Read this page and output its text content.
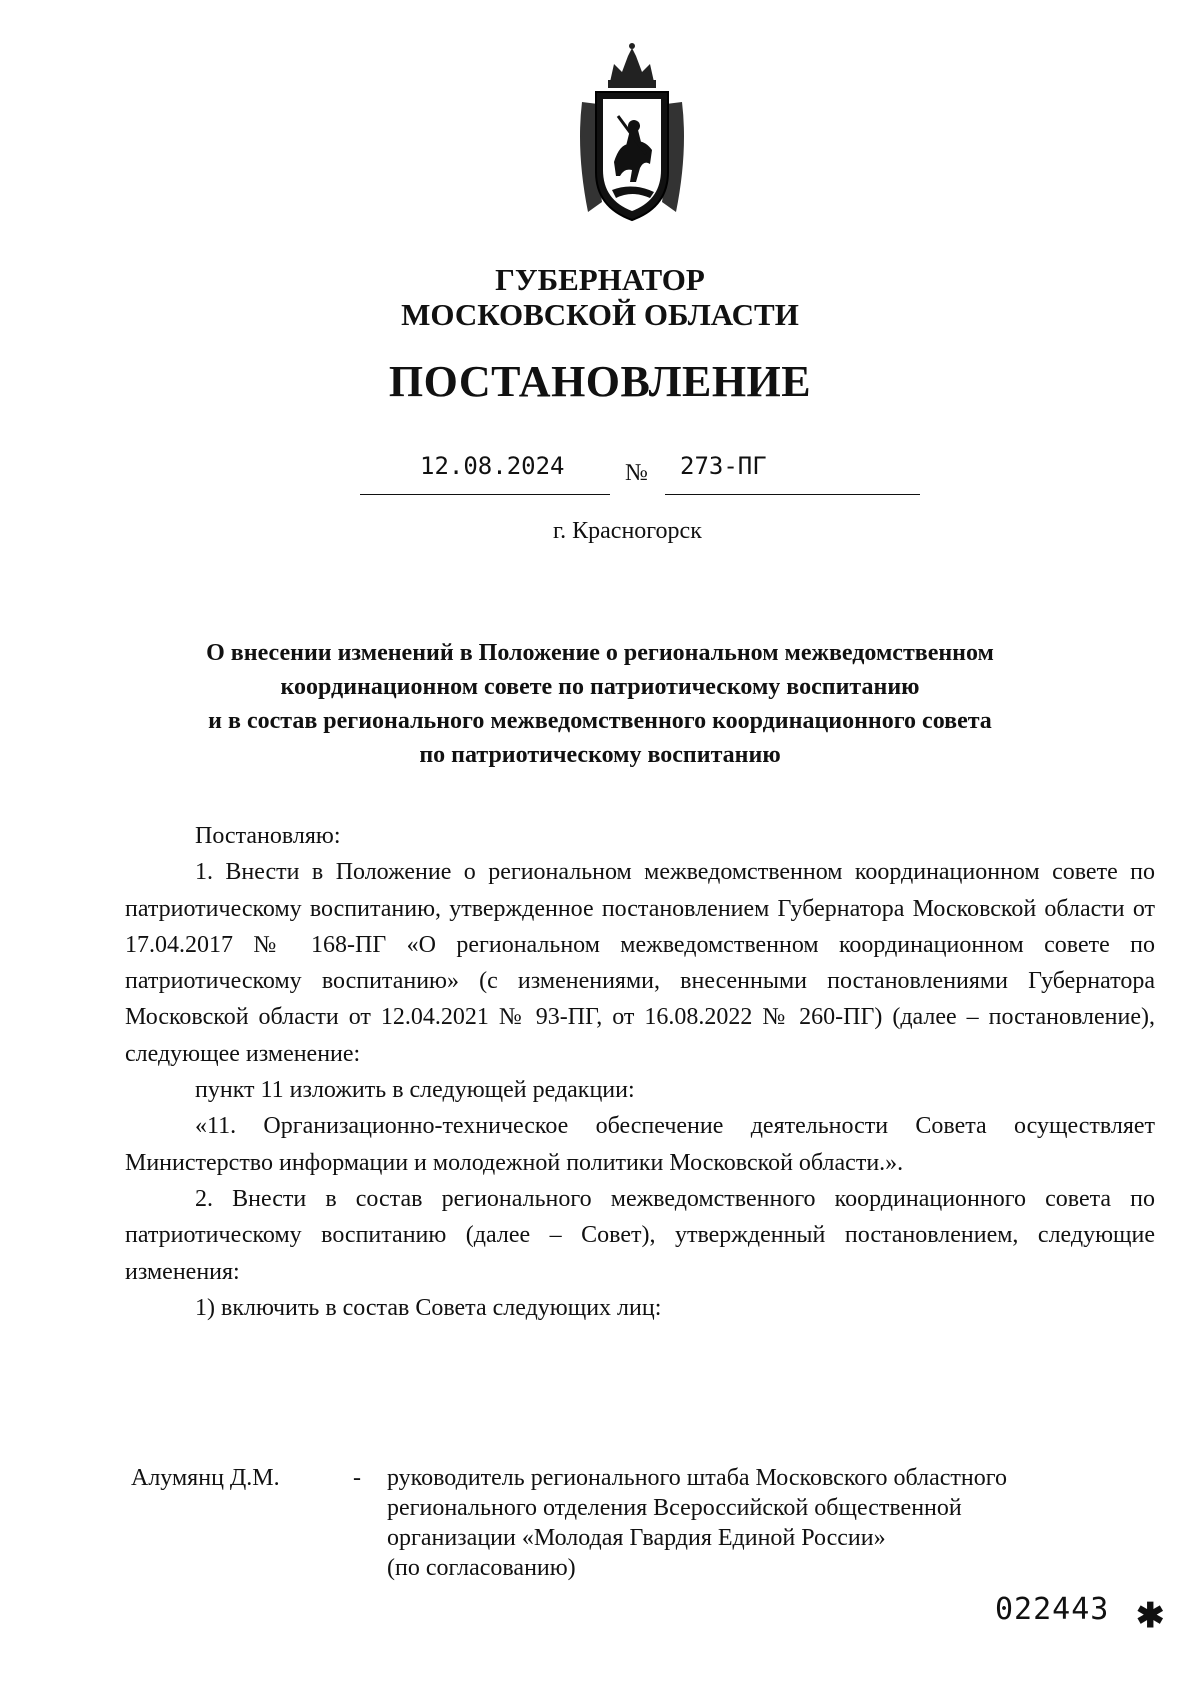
ГУБЕРНАТОР
МОСКОВСКОЙ ОБЛАСТИ
ПОСТАНОВЛЕНИЕ
12.08.2024	№ 273-ПГ
г. Красногорск
О внесении изменений в Положение о региональном межведомственном
координационном совете по патриотическому воспитанию
и в состав регионального межведомственного координационного совета
по патриотическому воспитанию

Постановляю:

1. Внести в Положение о региональном межведомственном координационном совете по патриотическому воспитанию, утвержденное постановлением Губернатора Московской области от 17.04.2017 № 168-ПГ «О региональном межведомственном координационном совете по патриотическому воспитанию» (с изменениями, внесенными постановлениями Губернатора Московской области от 12.04.2021 № 93-ПГ, от 16.08.2022 № 260-ПГ) (далее – постановление), следующее изменение:

пункт 11 изложить в следующей редакции:

«11. Организационно-техническое обеспечение деятельности Совета осуществляет Министерство информации и молодежной политики Московской области.».

2. Внести в состав регионального межведомственного координационного совета по патриотическому воспитанию (далее – Совет), утвержденный постановлением, следующие изменения:

1) включить в состав Совета следующих лиц:

Алумянц Д.М.	- руководитель регионального штаба Московского областного
регионального отделения Всероссийской общественной
организации «Молодая Гвардия Единой России»
(по согласованию)
022443 ✱
